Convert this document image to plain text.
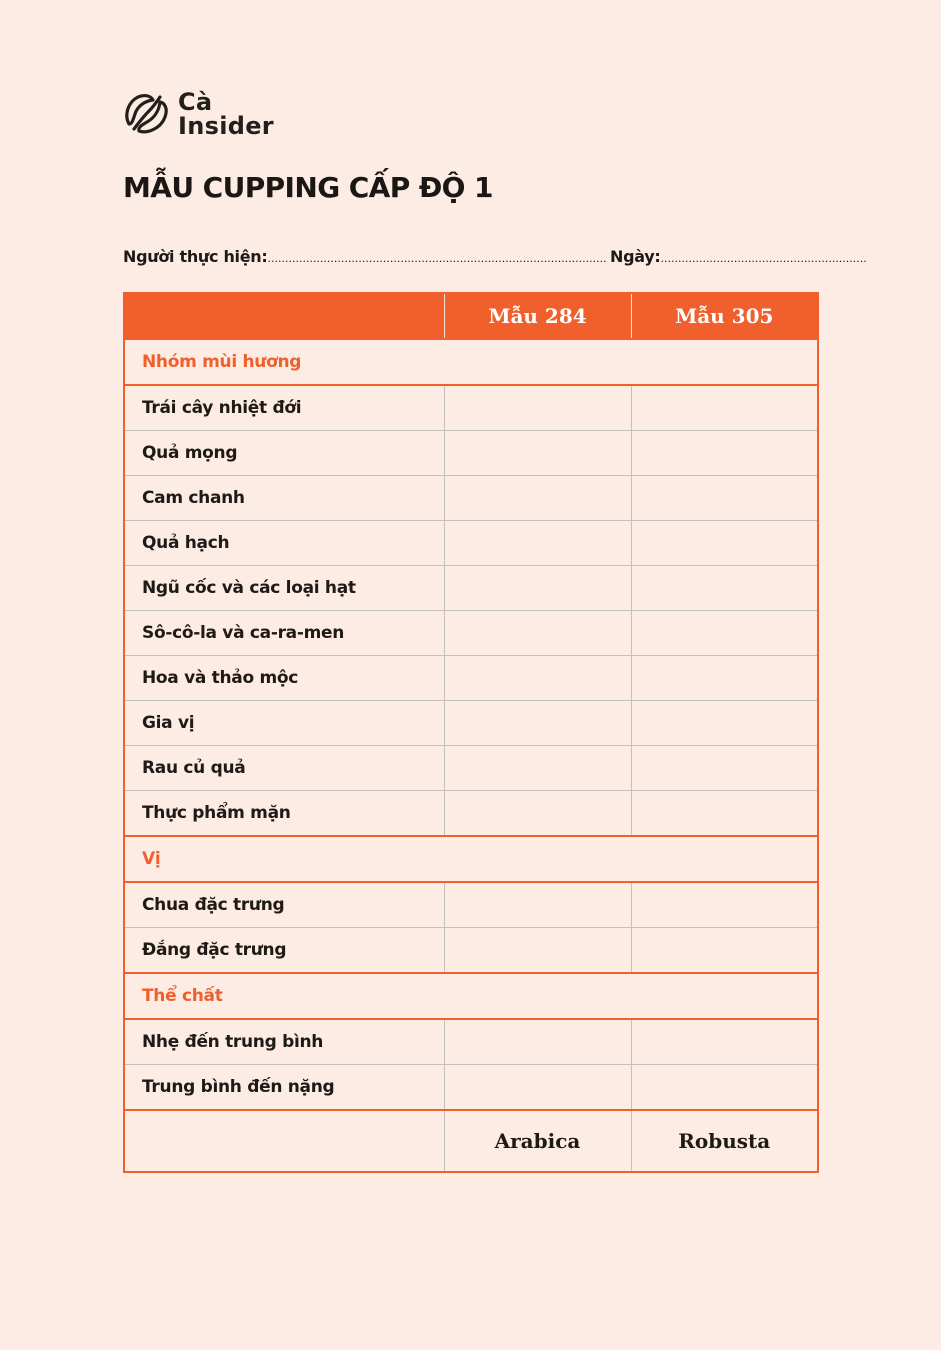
Cà
Insider
MẪU CUPPING CẤP ĐỘ 1
Người thực hiện:................................................................................................. Ngày:...........................................................
	Mẫu 284	Mẫu 305
Nhóm mùi hương		
Trái cây nhiệt đới		
Quả mọng		
Cam chanh		
Quả hạch		
Ngũ cốc và các loại hạt		
Sô-cô-la và ca-ra-men		
Hoa và thảo mộc		
Gia vị		
Rau củ quả		
Thực phẩm mặn		
Vị		
Chua đặc trưng		
Đắng đặc trưng		
Thể chất		
Nhẹ đến trung bình		
Trung bình đến nặng		
	Arabica	Robusta
